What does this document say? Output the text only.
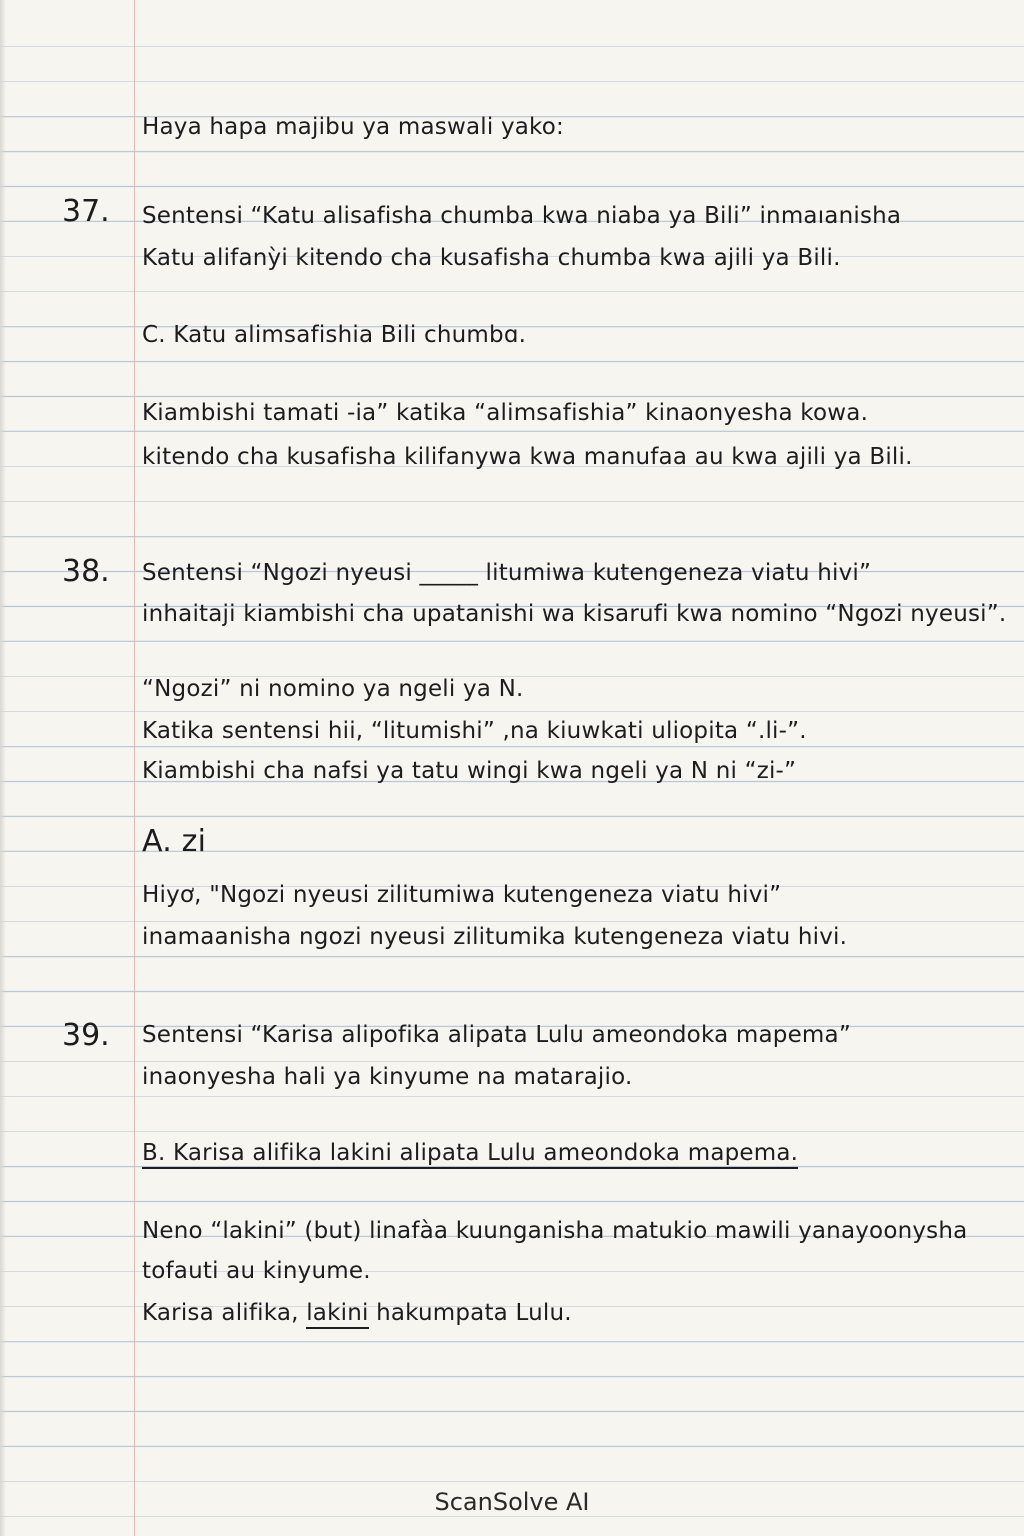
Haya hapa majibu ya maswali yako:
37. Sentensi “Katu alisafisha chumba kwa niaba ya Bili” inmaıanisha
Katu alifanỳi kitendo cha kusafisha chumba kwa ajili ya Bili.
C. Katu alimsafishia Bili chumbɑ.
Kiambishi tamati -ia” katika “alimsafishia” kinaonyesha kowa.
kitendo cha kusafisha kilifanywa kwa manufaa au kwa ajili ya Bili.
38. Sentensi “Ngozi nyeusi _____ litumiwa kutengeneza viatu hivi”
inhaitaji kiambishi cha upatanishi wa kisarufi kwa nomino “Ngozi nyeusi”.
“Ngozi” ni nomino ya ngeli ya N.
Katika sentensi hii, “litumishi” ,na kiuwkati uliopita “.li-”.
Kiambishi cha nafsi ya tatu wingi kwa ngeli ya N ni “zi-”
A. zi
Hiyơ, "Ngozi nyeusi zilitumiwa kutengeneza viatu hivi”
inamaanisha ngozi nyeusi zilitumika kutengeneza viatu hivi.
39. Sentensi “Karisa alipofika alipata Lulu ameondoka mapema”
inaonyesha hali ya kinyume na matarajio.
B. Karisa alifika lakini alipata Lulu ameondoka mapema.
Neno “lakini” (but) linafàa kuunganisha matukio mawili yanayoonysha
tofauti au kinyume.
Karisa alifika, lakini hakumpata Lulu.
ScanSolve AI
